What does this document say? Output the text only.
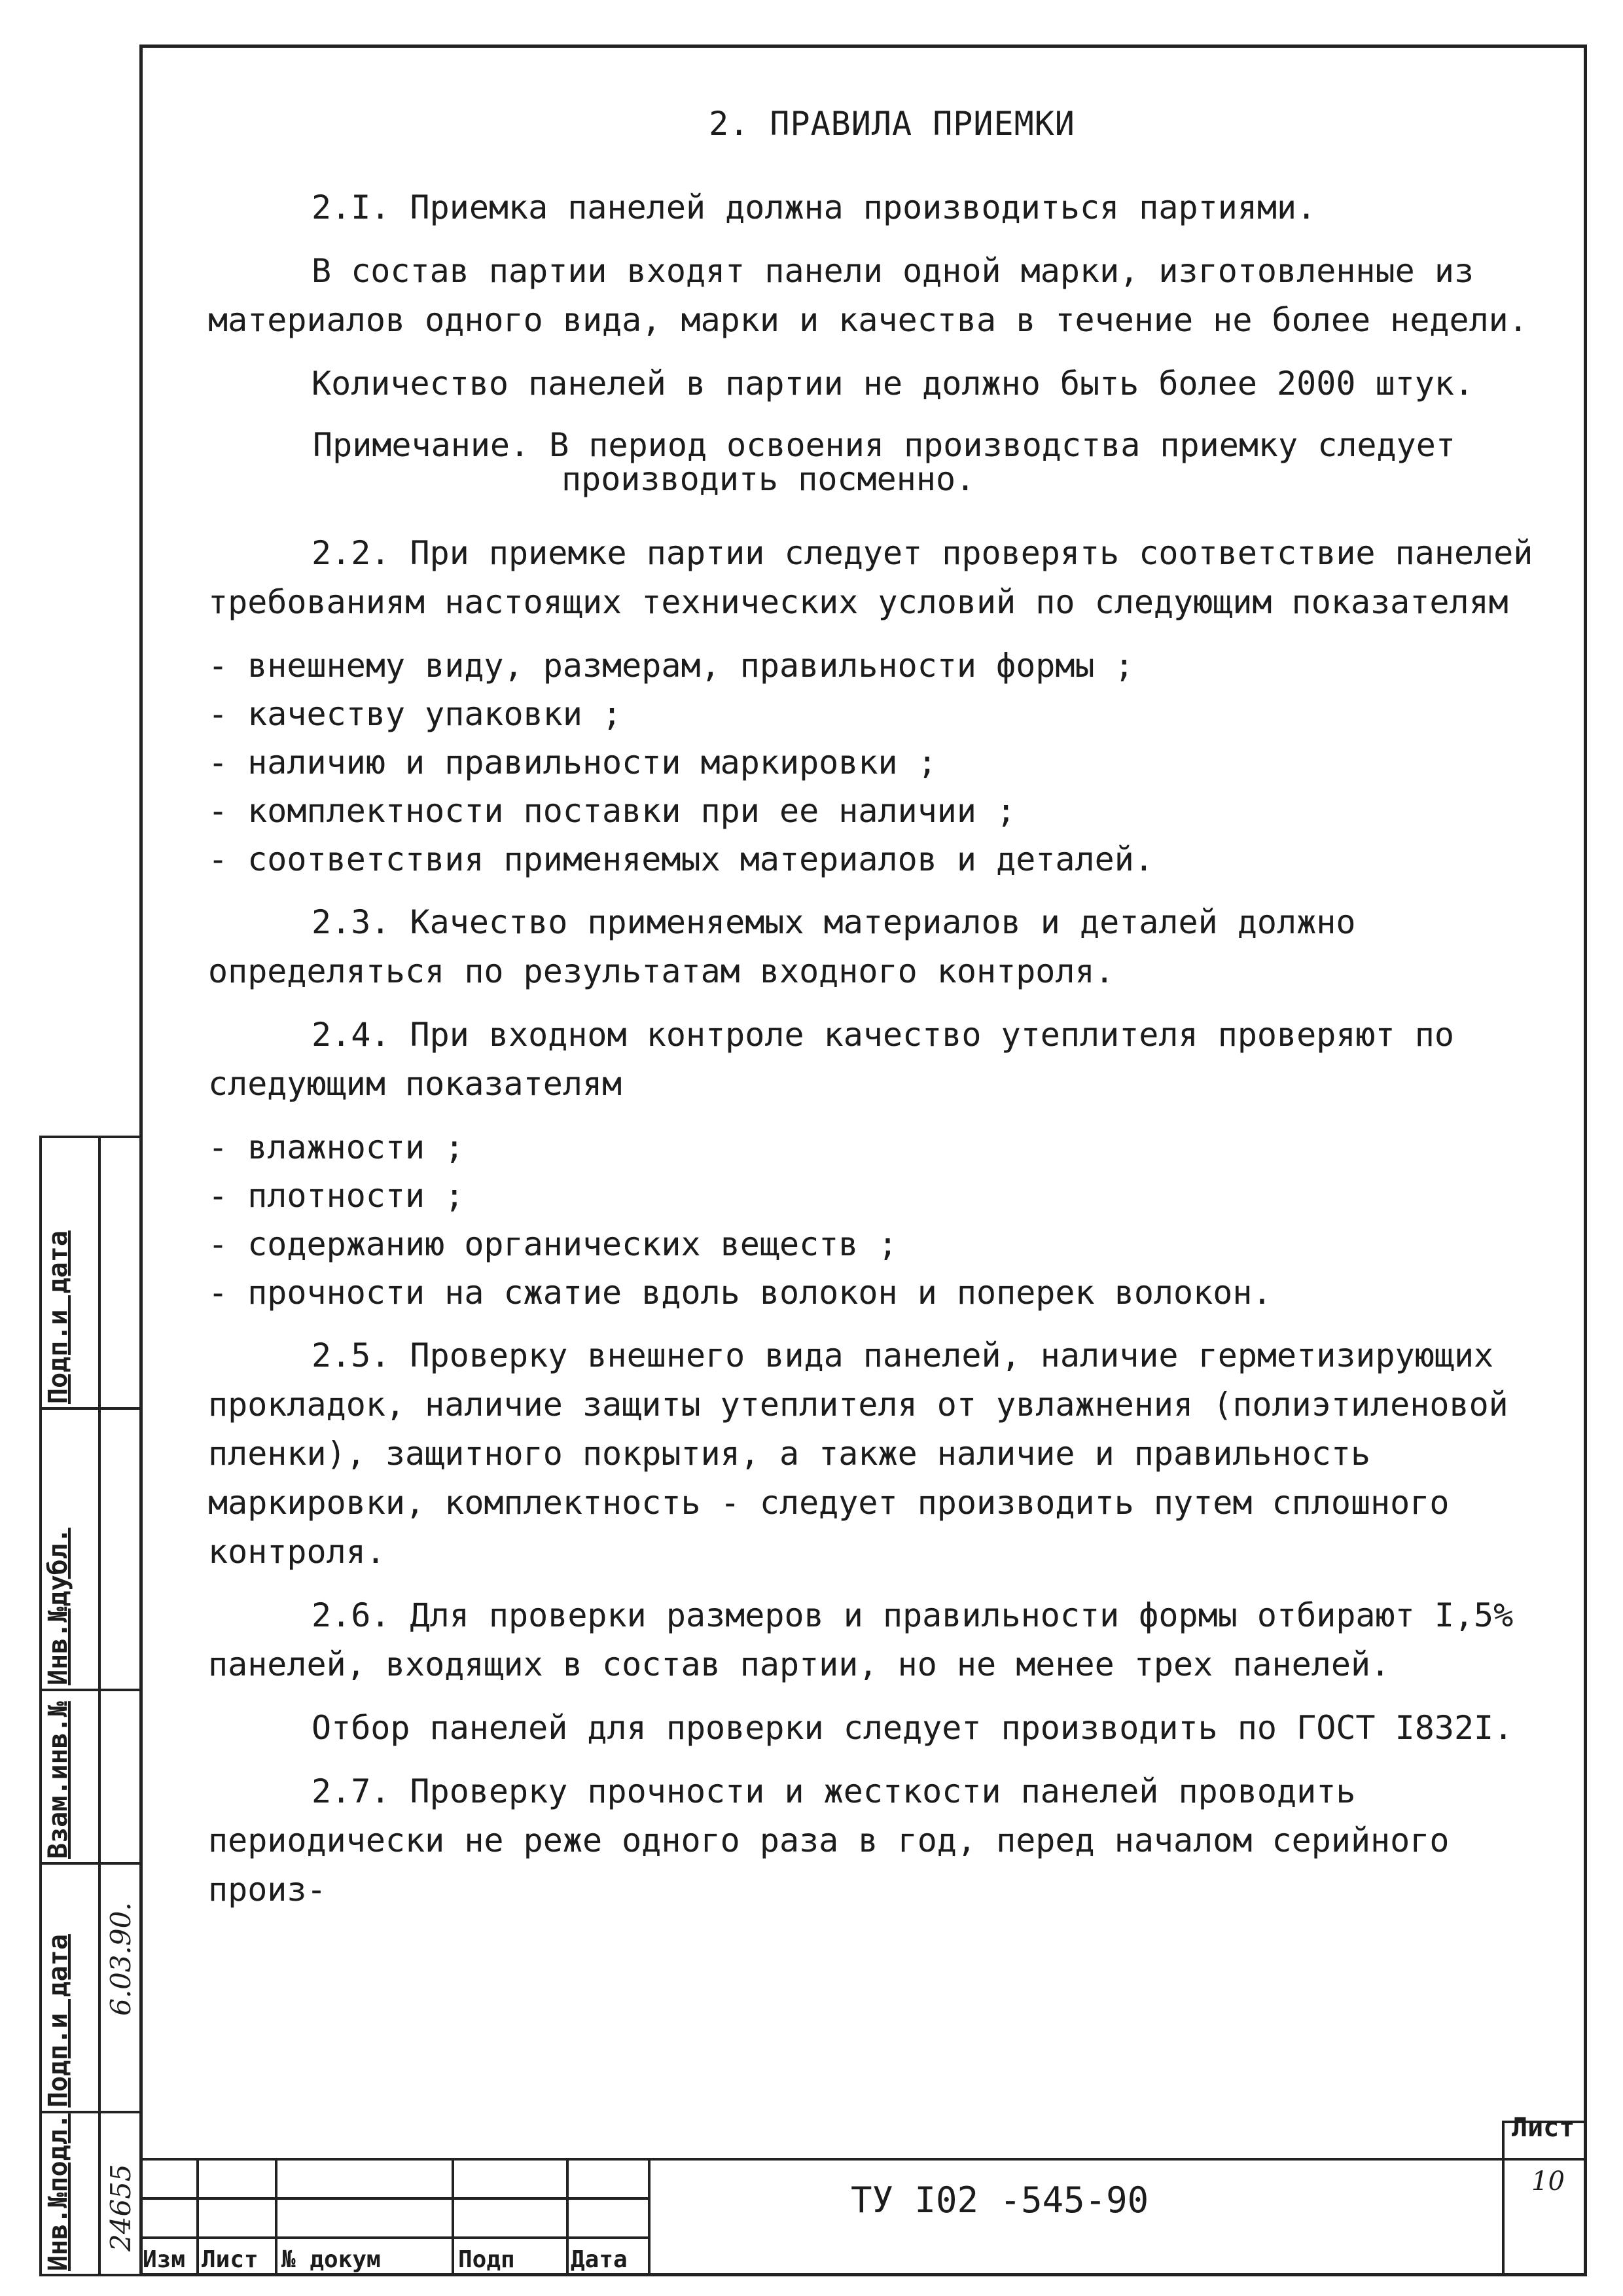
Подп.и дата
Инв.№дубл.
Взам.инв.№
Подп.и дата
Инв.№подл.
6.03.90.
24655
2. ПРАВИЛА ПРИЕМКИ
2.I. Приемка панелей должна производиться партиями.
В состав партии входят панели одной марки, изготовленные из материалов одного вида, марки и качества в течение не более недели.
Количество панелей в партии не должно быть более 2000 штук.
Примечание. В период освоения производства приемку следует
производить посменно.
2.2. При приемке партии следует проверять соответствие панелей требованиям настоящих технических условий по следующим показателям
- внешнему виду, размерам, правильности формы ;
- качеству упаковки ;
- наличию и правильности маркировки ;
- комплектности поставки при ее наличии ;
- соответствия применяемых материалов и деталей.
2.3. Качество применяемых материалов и деталей должно определяться по результатам входного контроля.
2.4. При входном контроле качество утеплителя проверяют по следующим показателям
- влажности ;
- плотности ;
- содержанию органических веществ ;
- прочности на сжатие вдоль волокон и поперек волокон.
2.5. Проверку внешнего вида панелей, наличие герметизирующих прокладок, наличие защиты утеплителя от увлажнения (полиэтиленовой пленки), защитного покрытия, а также наличие и правильность маркировки, комплектность - следует производить путем сплошного контроля.
2.6. Для проверки размеров и правильности формы отбирают I,5% панелей, входящих в состав партии, но не менее трех панелей.
Отбор панелей для проверки следует производить по ГОСТ I832I.
2.7. Проверку прочности и жесткости панелей проводить периодически не реже одного раза в год, перед началом серийного произ-
Изм Лист № докум	Подп Дата
ТУ I02 -545-90
Лист
10
